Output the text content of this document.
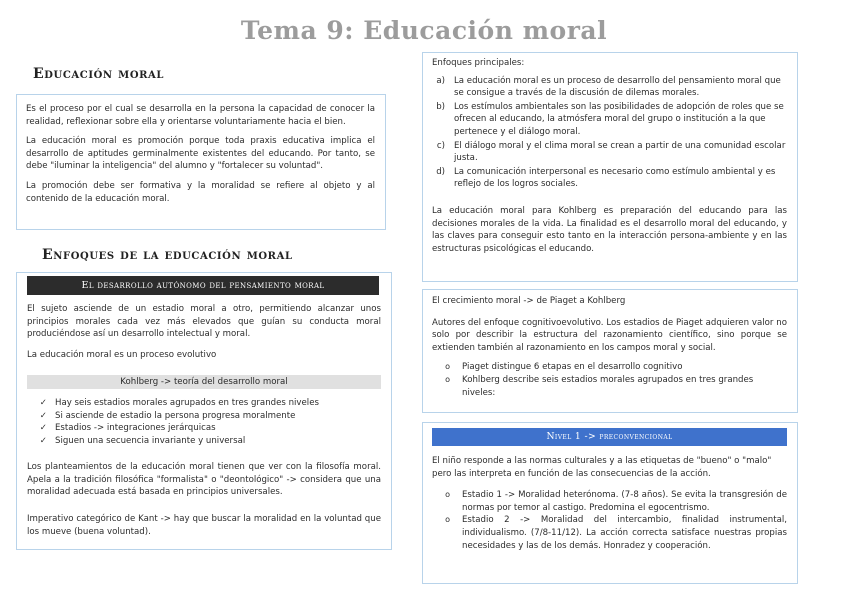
Tema 9: Educación moral
Educación moral

Es el proceso por el cual se desarrolla en la persona la capacidad de conocer la realidad, reflexionar sobre ella y orientarse voluntariamente hacia el bien.

La educación moral es promoción porque toda praxis educativa implica el desarrollo de aptitudes germinalmente existentes del educando. Por tanto, se debe "iluminar la inteligencia" del alumno y "fortalecer su voluntad".

La promoción debe ser formativa y la moralidad se refiere al objeto y al contenido de la educación moral.

Enfoques de la educación moral
El desarrollo autónomo del pensamiento moral
El sujeto asciende de un estadio moral a otro, permitiendo alcanzar unos principios morales cada vez más elevados que guían su conducta moral produciéndose así un desarrollo intelectual y moral.
La educación moral es un proceso evolutivo
Kohlberg -> teoría del desarrollo moral
✓ Hay seis estadios morales agrupados en tres grandes niveles
✓ Si asciende de estadio la persona progresa moralmente
✓ Estadios -> integraciones jerárquicas
✓ Siguen una secuencia invariante y universal
Los planteamientos de la educación moral tienen que ver con la filosofía moral. Apela a la tradición filosófica "formalista" o "deontológico" -> considera que una moralidad adecuada está basada en principios universales.
Imperativo categórico de Kant -> hay que buscar la moralidad en la voluntad que los mueve (buena voluntad).
Enfoques principales:
a)	La educación moral es un proceso de desarrollo del pensamiento moral que se consigue a través de la discusión de dilemas morales.
b)	Los estímulos ambientales son las posibilidades de adopción de roles que se ofrecen al educando, la atmósfera moral del grupo o institución a la que pertenece y el diálogo moral.
c)	El diálogo moral y el clima moral se crean a partir de una comunidad escolar justa.
d)	La comunicación interpersonal es necesario como estímulo ambiental y es reflejo de los logros sociales.

La educación moral para Kohlberg es preparación del educando para las decisiones morales de la vida. La finalidad es el desarrollo moral del educando, y las claves para conseguir esto tanto en la interacción persona-ambiente y en las estructuras psicológicas el educando.

El crecimiento moral -> de Piaget a Kohlberg

Autores del enfoque cognitivoevolutivo. Los estadios de Piaget adquieren valor no solo por describir la estructura del razonamiento científico, sino porque se extienden también al razonamiento en los campos moral y social.

o	Piaget distingue 6 etapas en el desarrollo cognitivo
o	Kohlberg describe seis estadios morales agrupados en tres grandes niveles:
Nivel 1 -> preconvencional

El niño responde a las normas culturales y a las etiquetas de "bueno" o "malo" pero las interpreta en función de las consecuencias de la acción.

o	Estadio 1 -> Moralidad heterónoma. (7-8 años). Se evita la transgresión de normas por temor al castigo. Predomina el egocentrismo.
o	Estadio 2 -> Moralidad del intercambio, finalidad instrumental, individualismo. (7/8-11/12). La acción correcta satisface nuestras propias necesidades y las de los demás. Honradez y cooperación.
